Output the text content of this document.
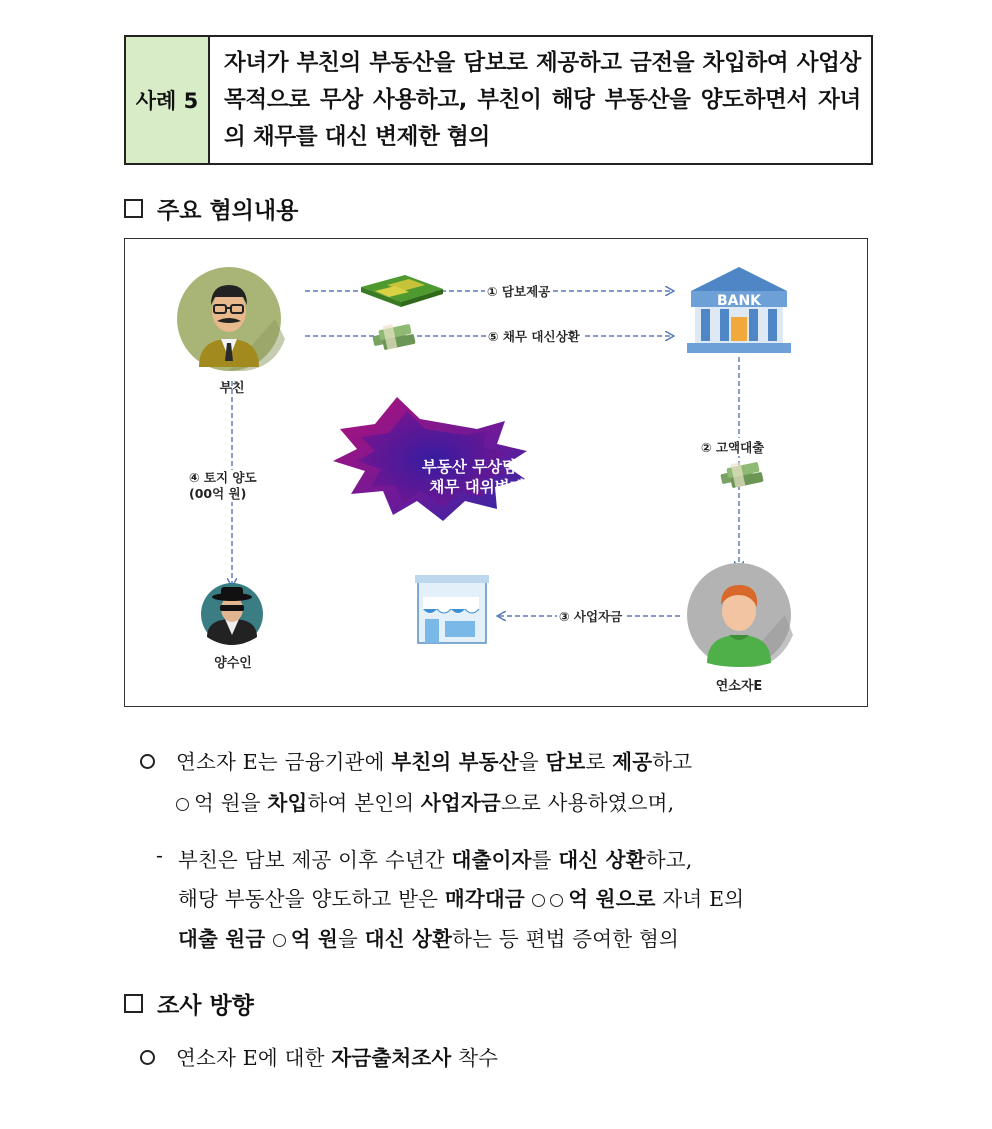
사례 5
자녀가 부친의 부동산을 담보로 제공하고 금전을 차입하여 사업상 목적으로 무상 사용하고, 부친이 해당 부동산을 양도하면서 자녀의 채무를 대신 변제한 혐의
주요 혐의내용
① 담보제공
⑤ 채무 대신상환
② 고액대출
③ 사업자금
④ 토지 양도
(00억 원)
BANK
부친
양수인
연소자E
부동산 무상담보
채무 대위변제
연소자 E는 금융기관에 부친의 부동산을 담보로 제공하고
억 원을 차입하여 본인의 사업자금으로 사용하였으며,
- 부친은 담보 제공 이후 수년간 대출이자를 대신 상환하고,
해당 부동산을 양도하고 받은 매각대금 억 원으로 자녀 E의
대출 원금 억 원을 대신 상환하는 등 편법 증여한 혐의
조사 방향
연소자 E에 대한 자금출처조사 착수
